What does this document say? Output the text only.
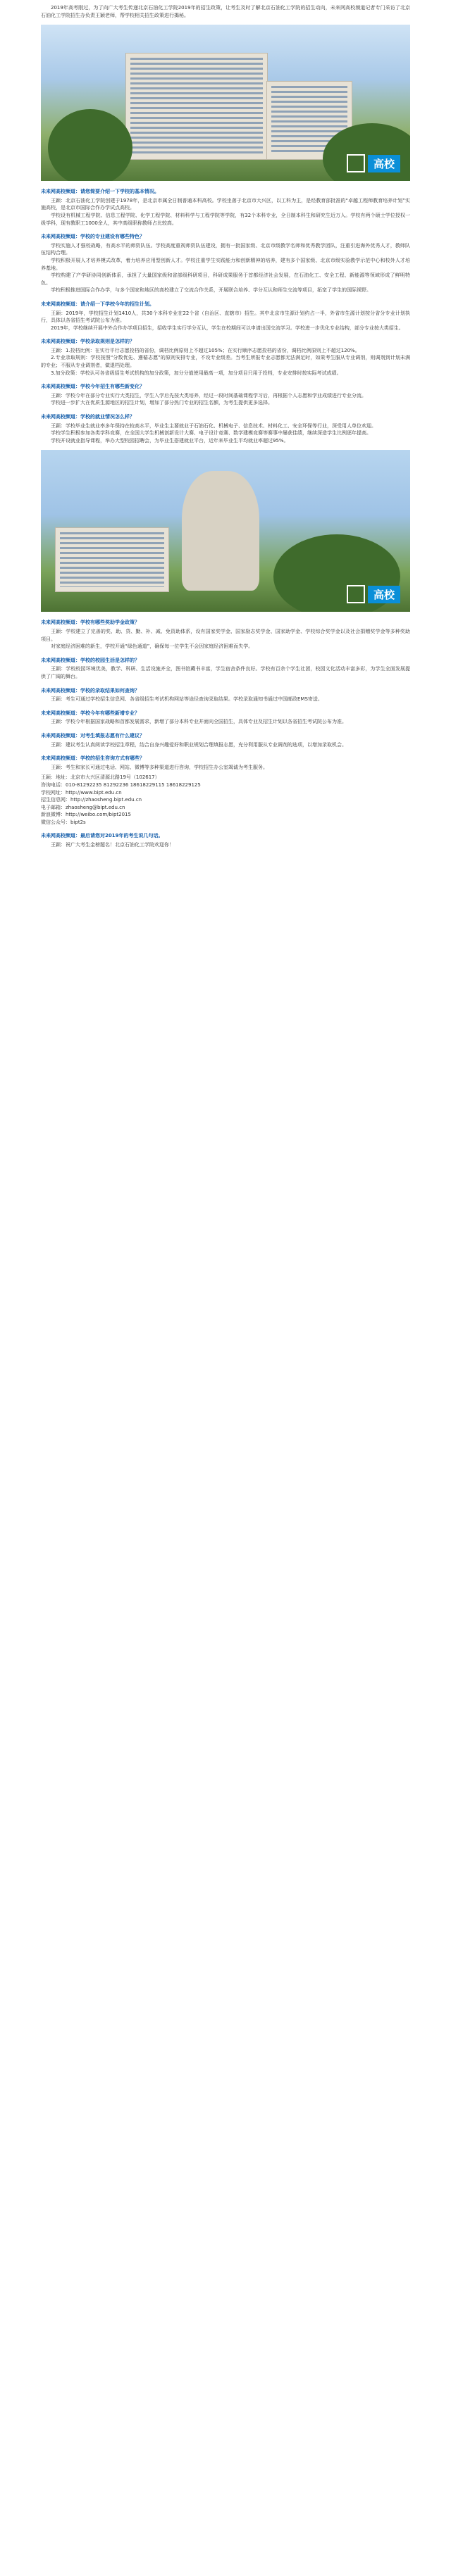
2019年高考刚过，为了向广大考生传递北京石油化工学院2019年的招生政策，让考生及时了解北京石油化工学院的招生动向，未来网高校频道记者专门采访了北京石油化工学院招生办负责王颖老师，帮学校相关招生政策进行揭秘。

高校

未来网高校频道：请您简要介绍一下学校的基本情况。

王颖：北京石油化工学院创建于1978年，是北京市属全日制普通本科高校。学校坐落于北京市大兴区，以工科为主，是经教育部批准的“卓越工程师教育培养计划”实施高校，是北京市国际合作办学试点高校。

学校设有机械工程学院、信息工程学院、化学工程学院、材料科学与工程学院等学院，有32个本科专业，全日制本科生和研究生近万人。学校有两个硕士学位授权一级学科，现有教职工1000余人，其中高级职称教师占比较高。

未来网高校频道：学校的专业建设有哪些特色？

学校实施人才强校战略，有高水平的师资队伍。学校高度重视师资队伍建设，拥有一批国家级、北京市级教学名师和优秀教学团队，注重引进海外优秀人才，教师队伍结构合理。

学校积极开展人才培养模式改革，着力培养应用型创新人才。学校注重学生实践能力和创新精神的培养，建有多个国家级、北京市级实验教学示范中心和校外人才培养基地。

学校构建了产学研协同创新体系，承担了大量国家级和省部级科研项目，科研成果服务于首都经济社会发展，在石油化工、安全工程、新能源等领域形成了鲜明特色。

学校积极推进国际合作办学，与多个国家和地区的高校建立了交流合作关系，开展联合培养、学分互认和师生交流等项目，拓宽了学生的国际视野。

未来网高校频道：请介绍一下学校今年的招生计划。

王颖：2019年，学校招生计划1410人，共30个本科专业在22个省（自治区、直辖市）招生。其中北京市生源计划约占一半，外省市生源计划按分省分专业计划执行，具体以各省招生考试院公布为准。

2019年，学校继续开展中外合作办学项目招生，招收学生实行学分互认，学生在校期间可以申请出国交流学习。学校进一步优化专业结构，部分专业按大类招生。

未来网高校频道：学校录取规则是怎样的？

王颖：1.投档比例：在实行平行志愿投档的省份，调档比例原则上不超过105%；在实行顺序志愿投档的省份，调档比例原则上不超过120%。

2.专业录取规则：学校按照“分数优先、遵循志愿”的原则安排专业，不设专业级差。当考生所报专业志愿都无法满足时，如果考生服从专业调剂，则调剂到计划未满的专业；不服从专业调剂者，做退档处理。

3.加分政策：学校认可各省级招生考试机构的加分政策，加分分值使用最高一项，加分项目只用于投档，专业安排时按实际考试成绩。

未来网高校频道：学校今年招生有哪些新变化？

王颖：学校今年在部分专业实行大类招生，学生入学后先按大类培养，经过一段时间基础课程学习后，再根据个人志愿和学业成绩进行专业分流。

学校进一步扩大在优质生源地区的招生计划，增加了部分热门专业的招生名额，为考生提供更多选择。

未来网高校频道：学校的就业情况怎么样？

王颖：学校毕业生就业率多年保持在较高水平，毕业生主要就业于石油石化、机械电子、信息技术、材料化工、安全环保等行业，深受用人单位欢迎。

学校学生积极参加各类学科竞赛，在全国大学生机械创新设计大赛、电子设计竞赛、数学建模竞赛等赛事中屡获佳绩，继续深造学生比例逐年提高。

学校开设就业指导课程，举办大型校园招聘会，为毕业生搭建就业平台，近年来毕业生平均就业率超过95%。

高校

未来网高校频道：学校有哪些奖助学金政策？

王颖：学校建立了完善的奖、助、贷、勤、补、减、免资助体系，设有国家奖学金、国家励志奖学金、国家助学金、学校综合奖学金以及社会捐赠奖学金等多种奖助项目。

对家庭经济困难的新生，学校开通“绿色通道”，确保每一位学生不会因家庭经济困难而失学。

未来网高校频道：学校的校园生活是怎样的？

王颖：学校校园环境优美，教学、科研、生活设施齐全，图书馆藏书丰富，学生宿舍条件良好。学校有百余个学生社团，校园文化活动丰富多彩，为学生全面发展提供了广阔的舞台。

未来网高校频道：学校的录取结果如何查询？

王颖：考生可通过学校招生信息网、各省级招生考试机构网站等途径查询录取结果。学校录取通知书通过中国邮政EMS寄送。

未来网高校频道：学校今年有哪些新增专业？

王颖：学校今年根据国家战略和首都发展需求，新增了部分本科专业并面向全国招生，具体专业及招生计划以各省招生考试院公布为准。

未来网高校频道：对考生填报志愿有什么建议？

王颖：建议考生认真阅读学校招生章程，结合自身兴趣爱好和职业规划合理填报志愿，充分利用服从专业调剂的选项，以增加录取机会。

未来网高校频道：学校的招生咨询方式有哪些？

王颖：考生和家长可通过电话、网站、微博等多种渠道进行咨询，学校招生办公室竭诚为考生服务。

王颖：地址：北京市大兴区清源北路19号（102617）

咨询电话：010-81292235 81292236 18618229115 18618229125

学校网址：http://www.bipt.edu.cn

招生信息网：http://zhaosheng.bipt.edu.cn

电子邮箱：zhaosheng@bipt.edu.cn

新浪微博：http://weibo.com/bipt2015

微信公众号：bipt2s

未来网高校频道：最后请您对2019年的考生说几句话。

王颖：祝广大考生金榜题名！北京石油化工学院欢迎你！
